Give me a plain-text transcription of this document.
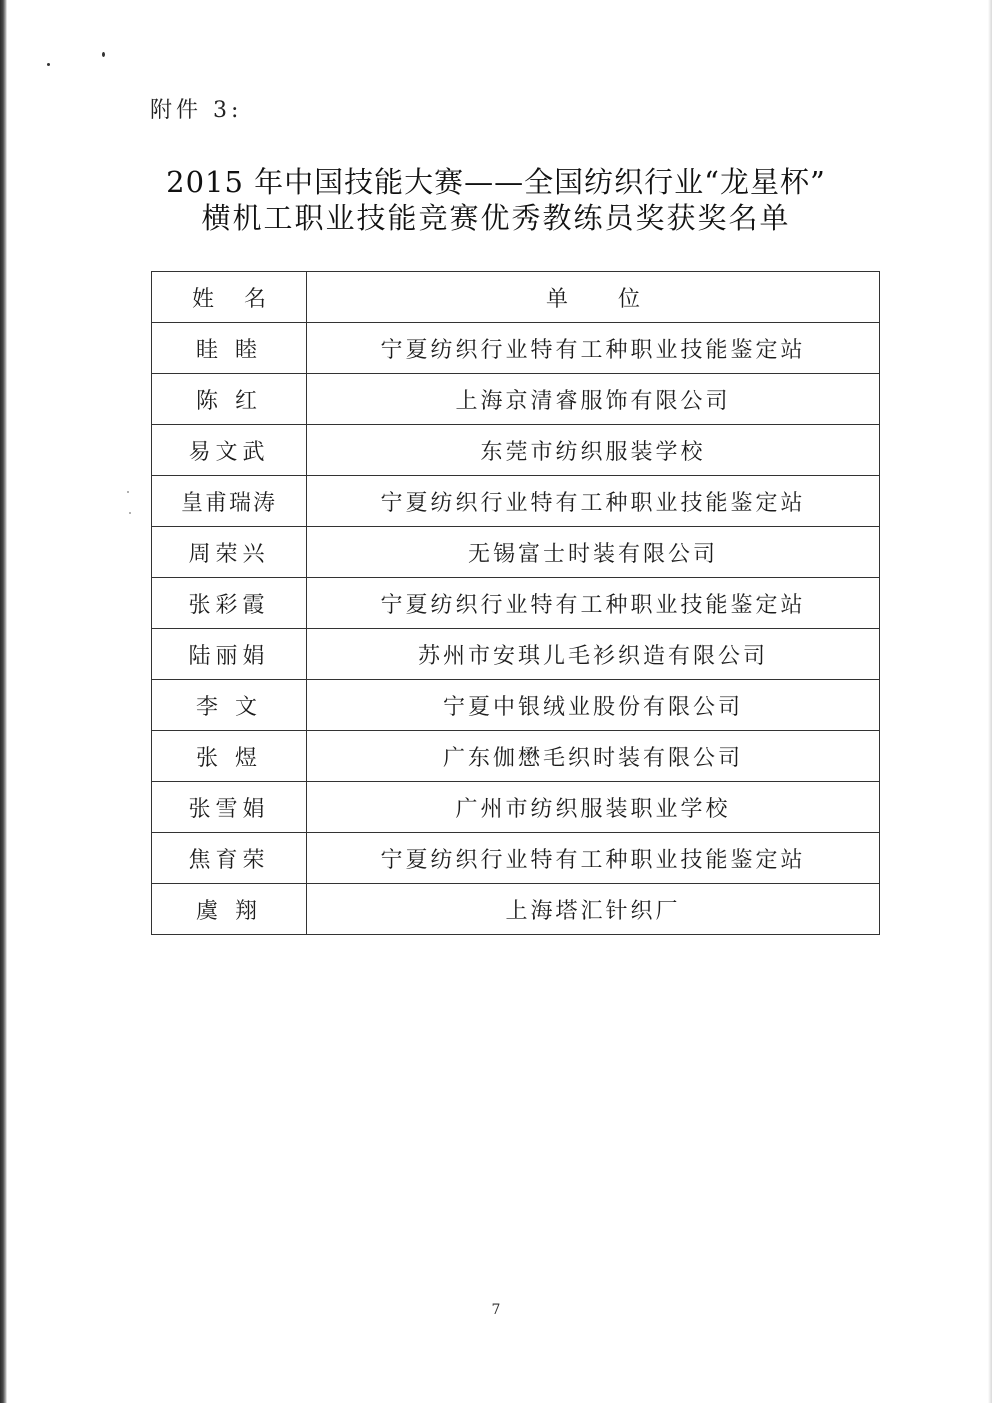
附件 3:
2015 年中国技能大赛——全国纺织行业“龙星杯”
横机工职业技能竞赛优秀教练员奖获奖名单
姓名	单位
眭 睦	宁夏纺织行业特有工种职业技能鉴定站
陈 红	上海京清睿服饰有限公司
易文武	东莞市纺织服装学校
皇甫瑞涛	宁夏纺织行业特有工种职业技能鉴定站
周荣兴	无锡富士时装有限公司
张彩霞	宁夏纺织行业特有工种职业技能鉴定站
陆丽娟	苏州市安琪儿毛衫织造有限公司
李 文	宁夏中银绒业股份有限公司
张 煜	广东伽懋毛织时装有限公司
张雪娟	广州市纺织服装职业学校
焦育荣	宁夏纺织行业特有工种职业技能鉴定站
虞 翔	上海塔汇针织厂
7
